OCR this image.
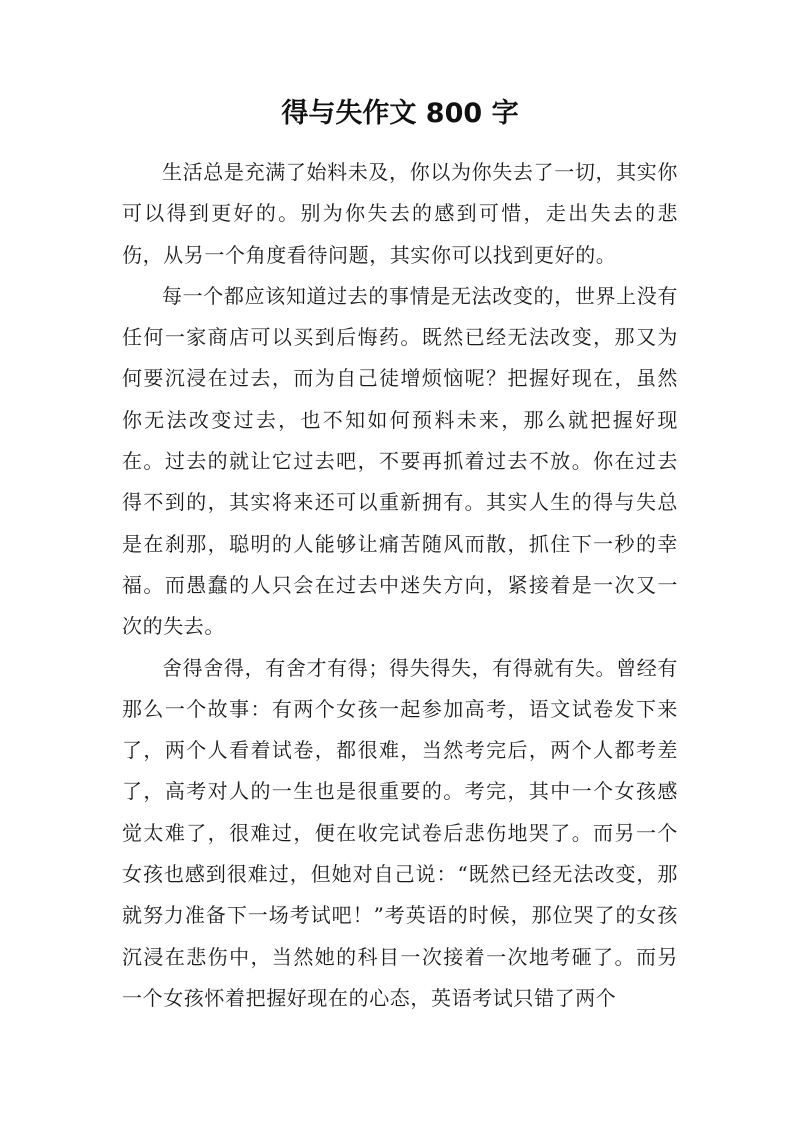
得与失作文 800 字

生活总是充满了始料未及，你以为你失去了一切，其实你可以得到更好的。别为你失去的感到可惜，走出失去的悲伤，从另一个角度看待问题，其实你可以找到更好的。

每一个都应该知道过去的事情是无法改变的，世界上没有任何一家商店可以买到后悔药。既然已经无法改变，那又为何要沉浸在过去，而为自己徒增烦恼呢？把握好现在，虽然你无法改变过去，也不知如何预料未来，那么就把握好现在。过去的就让它过去吧，不要再抓着过去不放。你在过去得不到的，其实将来还可以重新拥有。其实人生的得与失总是在刹那，聪明的人能够让痛苦随风而散，抓住下一秒的幸福。而愚蠢的人只会在过去中迷失方向，紧接着是一次又一次的失去。

舍得舍得，有舍才有得；得失得失，有得就有失。曾经有那么一个故事：有两个女孩一起参加高考，语文试卷发下来了，两个人看着试卷，都很难，当然考完后，两个人都考差了，高考对人的一生也是很重要的。考完，其中一个女孩感觉太难了，很难过，便在收完试卷后悲伤地哭了。而另一个女孩也感到很难过，但她对自己说：“既然已经无法改变，那就努力准备下一场考试吧！”考英语的时候，那位哭了的女孩沉浸在悲伤中，当然她的科目一次接着一次地考砸了。而另一个女孩怀着把握好现在的心态，英语考试只错了两个
